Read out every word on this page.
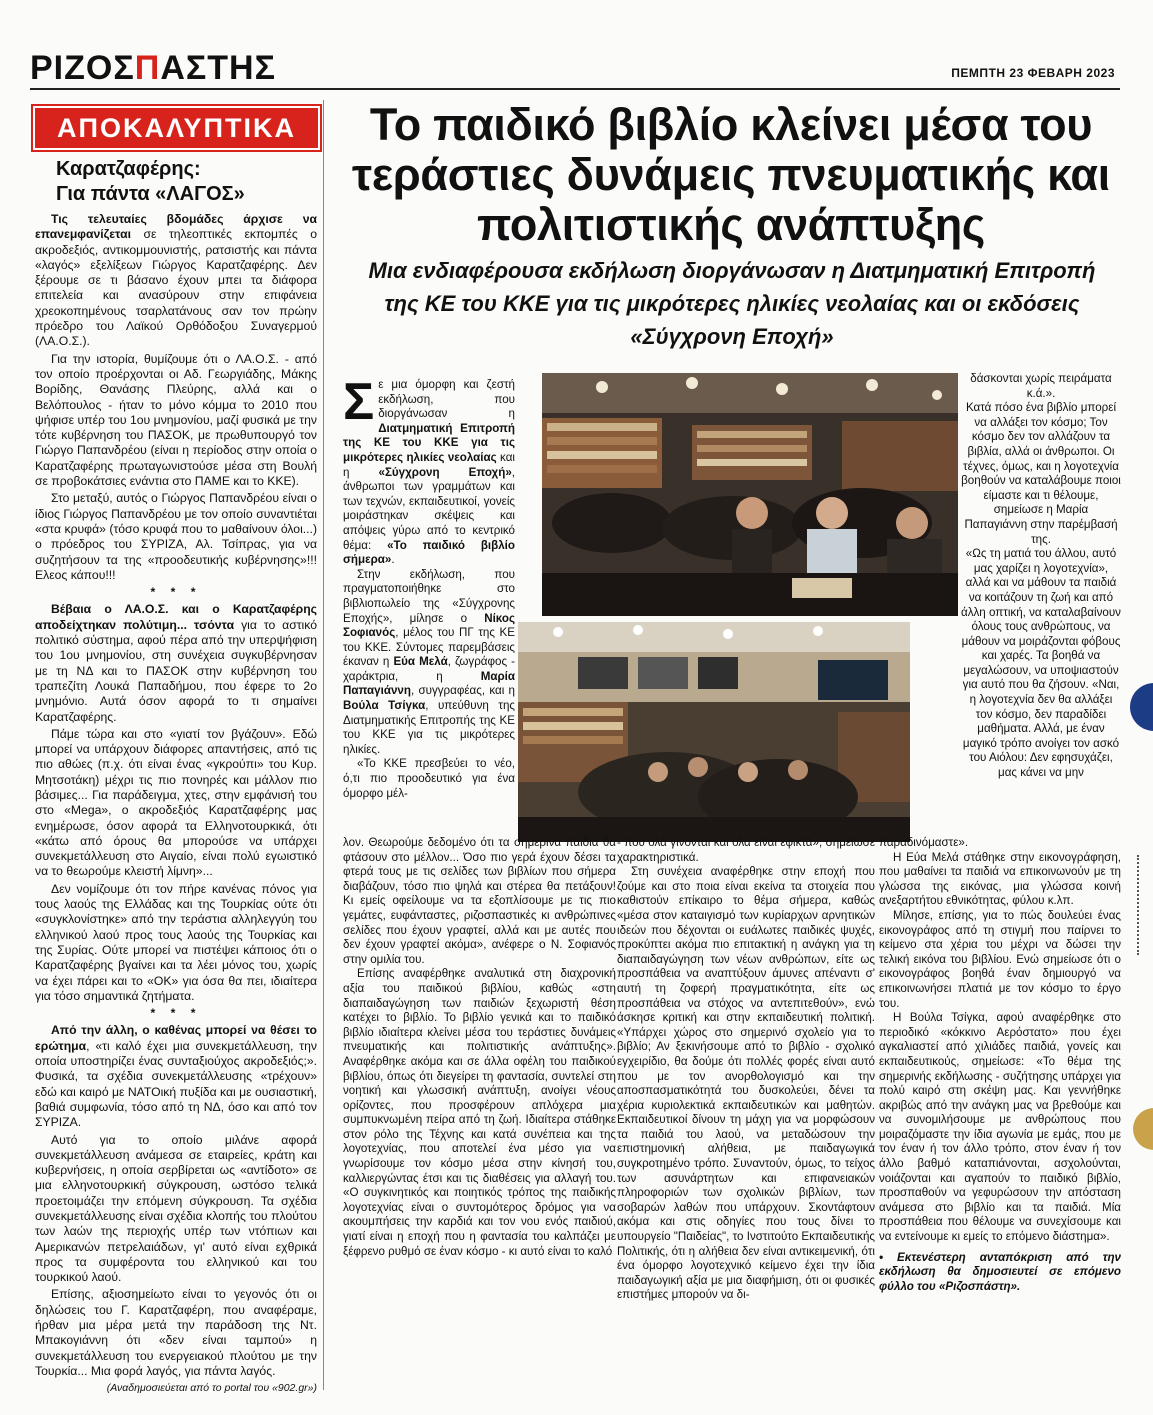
ΡΙΖΟΣΠΑΣΤΗΣ	ΠΕΜΠΤΗ 23 ΦΕΒΑΡΗ 2023
ΑΠΟΚΑΛΥΠΤΙΚΑ
Καρατζαφέρης:
Για πάντα «ΛΑΓΟΣ»

Τις τελευταίες βδομάδες άρχισε να επανεμφανίζεται σε τηλεοπτικές εκπομπές ο ακροδεξιός, αντικομμουνιστής, ρατσιστής και πάντα «λαγός» εξελίξεων Γιώργος Καρατζαφέρης. Δεν ξέρουμε σε τι βάσανο έχουν μπει τα διάφορα επιτελεία και ανασύρουν στην επιφάνεια χρεοκοπημένους τσαρλατάνους σαν τον πρώην πρόεδρο του Λαϊκού Ορθόδοξου Συναγερμού (ΛΑ.Ο.Σ.).

Για την ιστορία, θυμίζουμε ότι ο ΛΑ.Ο.Σ. - από τον οποίο προέρχονται οι Αδ. Γεωργιάδης, Μάκης Βορίδης, Θανάσης Πλεύρης, αλλά και ο Βελόπουλος - ήταν το μόνο κόμμα το 2010 που ψήφισε υπέρ του 1ου μνημονίου, μαζί φυσικά με την τότε κυβέρνηση του ΠΑΣΟΚ, με πρωθυπουργό τον Γιώργο Παπανδρέου (είναι η περίοδος στην οποία ο Καρατζαφέρης πρωταγωνιστούσε μέσα στη Βουλή σε προβοκάτσιες ενάντια στο ΠΑΜΕ και το ΚΚΕ).

Στο μεταξύ, αυτός ο Γιώργος Παπανδρέου είναι ο ίδιος Γιώργος Παπανδρέου με τον οποίο συναντιέται «στα κρυφά» (τόσο κρυφά που το μαθαίνουν όλοι...) ο πρόεδρος του ΣΥΡΙΖΑ, Αλ. Τσίπρας, για να συζητήσουν τα της «προοδευτικής κυβέρνησης»!!! Ελεος κάπου!!!

* * *

Βέβαια ο ΛΑ.Ο.Σ. και ο Καρατζαφέρης αποδείχτηκαν πολύτιμη... τσόντα για το αστικό πολιτικό σύστημα, αφού πέρα από την υπερψήφιση του 1ου μνημονίου, στη συνέχεια συγκυβέρνησαν με τη ΝΔ και το ΠΑΣΟΚ στην κυβέρνηση του τραπεζίτη Λουκά Παπαδήμου, που έφερε το 2ο μνημόνιο. Αυτά όσον αφορά το τι σημαίνει Καρατζαφέρης.

Πάμε τώρα και στο «γιατί τον βγάζουν». Εδώ μπορεί να υπάρχουν διάφορες απαντήσεις, από τις πιο αθώες (π.χ. ότι είναι ένας «γκρούπι» του Κυρ. Μητσοτάκη) μέχρι τις πιο πονηρές και μάλλον πιο βάσιμες... Για παράδειγμα, χτες, στην εμφάνισή του στο «Mega», ο ακροδεξιός Καρατζαφέρης μας ενημέρωσε, όσον αφορά τα Ελληνοτουρκικά, ότι «κάτω από όρους θα μπορούσε να υπάρχει συνεκμετάλλευση στο Αιγαίο, είναι πολύ εγωιστικό να το θεωρούμε κλειστή λίμνη»...

Δεν νομίζουμε ότι τον πήρε κανένας πόνος για τους λαούς της Ελλάδας και της Τουρκίας ούτε ότι «συγκλονίστηκε» από την τεράστια αλληλεγγύη του ελληνικού λαού προς τους λαούς της Τουρκίας και της Συρίας. Ούτε μπορεί να πιστέψει κάποιος ότι ο Καρατζαφέρης βγαίνει και τα λέει μόνος του, χωρίς να έχει πάρει και το «ΟΚ» για όσα θα πει, ιδιαίτερα για τόσο σημαντικά ζητήματα.

* * *

Από την άλλη, ο καθένας μπορεί να θέσει το ερώτημα, «τι καλό έχει μια συνεκμετάλλευση, την οποία υποστηρίζει ένας συνταξιούχος ακροδεξιός;». Φυσικά, τα σχέδια συνεκμετάλλευσης «τρέχουν» εδώ και καιρό με ΝΑΤΟική πυξίδα και με ουσιαστική, βαθιά συμφωνία, τόσο από τη ΝΔ, όσο και από τον ΣΥΡΙΖΑ.

Αυτό για το οποίο μιλάνε αφορά συνεκμετάλλευση ανάμεσα σε εταιρείες, κράτη και κυβερνήσεις, η οποία σερβίρεται ως «αντίδοτο» σε μια ελληνοτουρκική σύγκρουση, ωστόσο τελικά προετοιμάζει την επόμενη σύγκρουση. Τα σχέδια συνεκμετάλλευσης είναι σχέδια κλοπής του πλούτου των λαών της περιοχής υπέρ των ντόπιων και Αμερικανών πετρελαιάδων, γι' αυτό είναι εχθρικά προς τα συμφέροντα του ελληνικού και του τουρκικού λαού.

Επίσης, αξιοσημείωτο είναι το γεγονός ότι οι δηλώσεις του Γ. Καρατζαφέρη, που αναφέραμε, ήρθαν μια μέρα μετά την παράδοση της Ντ. Μπακογιάννη ότι «δεν είναι ταμπού» η συνεκμετάλλευση του ενεργειακού πλούτου με την Τουρκία... Μια φορά λαγός, για πάντα λαγός.

(Αναδημοσιεύεται από το portal του «902.gr»)

Το παιδικό βιβλίο κλείνει μέσα του τεράστιες δυνάμεις πνευματικής και πολιτιστικής ανάπτυξης
Μια ενδιαφέρουσα εκδήλωση διοργάνωσαν η Διατμηματική Επιτροπή της ΚΕ του ΚΚΕ για τις μικρότερες ηλικίες νεολαίας και οι εκδόσεις «Σύγχρονη Εποχή»

Σε μια όμορφη και ζεστή εκδήλωση, που διοργάνωσαν η Διατμηματική Επιτροπή της ΚΕ του ΚΚΕ για τις μικρότερες ηλικίες νεολαίας και η «Σύγχρονη Εποχή», άνθρωποι των γραμμάτων και των τεχνών, εκπαιδευτικοί, γονείς μοιράστηκαν σκέψεις και απόψεις γύρω από το κεντρικό θέμα: «Το παιδικό βιβλίο σήμερα».

Στην εκδήλωση, που πραγματοποιήθηκε στο βιβλιοπωλείο της «Σύγχρονης Εποχής», μίλησε ο Νίκος Σοφιανός, μέλος του ΠΓ της ΚΕ του ΚΚΕ. Σύντομες παρεμβάσεις έκαναν η Εύα Μελά, ζωγράφος - χαράκτρια, η Μαρία Παπαγιάννη, συγγραφέας, και η Βούλα Τσίγκα, υπεύθυνη της Διατμηματικής Επιτροπής της ΚΕ του ΚΚΕ για τις μικρότερες ηλικίες.

«Το ΚΚΕ πρεσβεύει το νέο, ό,τι πιο προοδευτικό για ένα όμορφο μέλ-

λον. Θεωρούμε δεδομένο ότι τα σημερινά παιδιά θα φτάσουν στο μέλλον... Όσο πιο γερά έχουν δέσει τα φτερά τους με τις σελίδες των βιβλίων που σήμερα διαβάζουν, τόσο πιο ψηλά και στέρεα θα πετάξουν! Κι εμείς οφείλουμε να τα εξοπλίσουμε με τις πιο γεμάτες, ευφάνταστες, ριζοσπαστικές κι ανθρώπινες σελίδες που έχουν γραφτεί, αλλά και με αυτές που δεν έχουν γραφτεί ακόμα», ανέφερε ο Ν. Σοφιανός στην ομιλία του.

Επίσης αναφέρθηκε αναλυτικά στη διαχρονική αξία του παιδικού βιβλίου, καθώς «στη διαπαιδαγώγηση των παιδιών ξεχωριστή θέση κατέχει το βιβλίο. Το βιβλίο γενικά και το παιδικό βιβλίο ιδιαίτερα κλείνει μέσα του τεράστιες δυνάμεις πνευματικής και πολιτιστικής ανάπτυξης». Αναφέρθηκε ακόμα και σε άλλα οφέλη του παιδικού βιβλίου, όπως ότι διεγείρει τη φαντασία, συντελεί στη νοητική και γλωσσική ανάπτυξη, ανοίγει νέους ορίζοντες, που προσφέρουν απλόχερα μια συμπυκνωμένη πείρα από τη ζωή. Ιδιαίτερα στάθηκε στον ρόλο της Τέχνης και κατά συνέπεια και της λογοτεχνίας, που αποτελεί ένα μέσο για να γνωρίσουμε τον κόσμο μέσα στην κίνησή του, καλλιεργώντας έτσι και τις διαθέσεις για αλλαγή του. «Ο συγκινητικός και ποιητικός τρόπος της παιδικής λογοτεχνίας είναι ο συντομότερος δρόμος για να ακουμπήσεις την καρδιά και τον νου ενός παιδιού, γιατί είναι η εποχή που η φαντασία του καλπάζει με ξέφρενο ρυθμό σε έναν κόσμο - κι αυτό είναι το καλό

- που όλα γίνονται και όλα είναι εφικτά», σημείωσε χαρακτηριστικά.

Στη συνέχεια αναφέρθηκε στην εποχή που ζούμε και στο ποια είναι εκείνα τα στοιχεία που καθιστούν επίκαιρο το θέμα σήμερα, καθώς «μέσα στον καταιγισμό των κυρίαρχων αρνητικών ιδεών που δέχονται οι ευάλωτες παιδικές ψυχές, προκύπτει ακόμα πιο επιτακτική η ανάγκη για τη διαπαιδαγώγηση των νέων ανθρώπων, είτε ως προσπάθεια να αναπτύξουν άμυνες απέναντι σ' αυτή τη ζοφερή πραγματικότητα, είτε ως προσπάθεια να στόχος να αντεπιτεθούν», ενώ άσκησε κριτική και στην εκπαιδευτική πολιτική. «Υπάρχει χώρος στο σημερινό σχολείο για το βιβλίο; Αν ξεκινήσουμε από το βιβλίο - σχολικό εγχειρίδιο, θα δούμε ότι πολλές φορές είναι αυτό που με τον ανορθολογισμό και την αποσπασματικότητά του δυσκολεύει, δένει τα χέρια κυριολεκτικά εκπαιδευτικών και μαθητών. Εκπαιδευτικοί δίνουν τη μάχη για να μορφώσουν τα παιδιά του λαού, να μεταδώσουν την επιστημονική αλήθεια, με παιδαγωγικά συγκροτημένο τρόπο. Συναντούν, όμως, το τείχος των ασυνάρτητων και επιφανειακών πληροφοριών των σχολικών βιβλίων, των σοβαρών λαθών που υπάρχουν. Σκοντάφτουν ακόμα και στις οδηγίες που τους δίνει το υπουργείο "Παιδείας", το Ινστιτούτο Εκπαιδευτικής Πολιτικής, ότι η αλήθεια δεν είναι αντικειμενική, ότι ένα όμορφο λογοτεχνικό κείμενο έχει την ίδια παιδαγωγική αξία με μια διαφήμιση, ότι οι φυσικές επιστήμες μπορούν να δι-

δάσκονται χωρίς πειράματα κ.ά.».

Κατά πόσο ένα βιβλίο μπορεί να αλλάξει τον κόσμο; Τον κόσμο δεν τον αλλάζουν τα βιβλία, αλλά οι άνθρωποι. Οι τέχνες, όμως, και η λογοτεχνία βοηθούν να καταλάβουμε ποιοι είμαστε και τι θέλουμε, σημείωσε η Μαρία Παπαγιάννη στην παρέμβασή της.

«Ως τη ματιά του άλλου, αυτό μας χαρίζει η λογοτεχνία», αλλά και να μάθουν τα παιδιά να κοιτάζουν τη ζωή και από άλλη οπτική, να καταλαβαίνουν όλους τους ανθρώπους, να μάθουν να μοιράζονται φόβους και χαρές. Τα βοηθά να μεγαλώσουν, να υποψιαστούν για αυτό που θα ζήσουν. «Ναι, η λογοτεχνία δεν θα αλλάξει τον κόσμο, δεν παραδίδει μαθήματα. Αλλά, με έναν μαγικό τρόπο ανοίγει τον ασκό του Αιόλου: Δεν εφησυχάζει, μας κάνει να μην

παραδινόμαστε».

Η Εύα Μελά στάθηκε στην εικονογράφηση, που μαθαίνει τα παιδιά να επικοινωνούν με τη γλώσσα της εικόνας, μια γλώσσα κοινή ανεξαρτήτου εθνικότητας, φύλου κ.λπ.

Μίλησε, επίσης, για το πώς δουλεύει ένας εικονογράφος από τη στιγμή που παίρνει το κείμενο στα χέρια του μέχρι να δώσει την τελική εικόνα του βιβλίου. Ενώ σημείωσε ότι ο εικονογράφος βοηθά έναν δημιουργό να επικοινωνήσει πλατιά με τον κόσμο το έργο του.

Η Βούλα Τσίγκα, αφού αναφέρθηκε στο περιοδικό «κόκκινο Αερόστατο» που έχει αγκαλιαστεί από χιλιάδες παιδιά, γονείς και εκπαιδευτικούς, σημείωσε: «Το θέμα της σημερινής εκδήλωσης - συζήτησης υπάρχει για πολύ καιρό στη σκέψη μας. Και γεννήθηκε ακριβώς από την ανάγκη μας να βρεθούμε και να συνομιλήσουμε με ανθρώπους που μοιραζόμαστε την ίδια αγωνία με εμάς, που με τον έναν ή τον άλλο τρόπο, στον έναν ή τον άλλο βαθμό καταπιάνονται, ασχολούνται, νοιάζονται και αγαπούν το παιδικό βιβλίο, προσπαθούν να γεφυρώσουν την απόσταση ανάμεσα στο βιβλίο και τα παιδιά. Μία προσπάθεια που θέλουμε να συνεχίσουμε και να εντείνουμε κι εμείς το επόμενο διάστημα».

• Εκτενέστερη ανταπόκριση από την εκδήλωση θα δημοσιευτεί σε επόμενο φύλλο του «Ριζοσπάστη».
